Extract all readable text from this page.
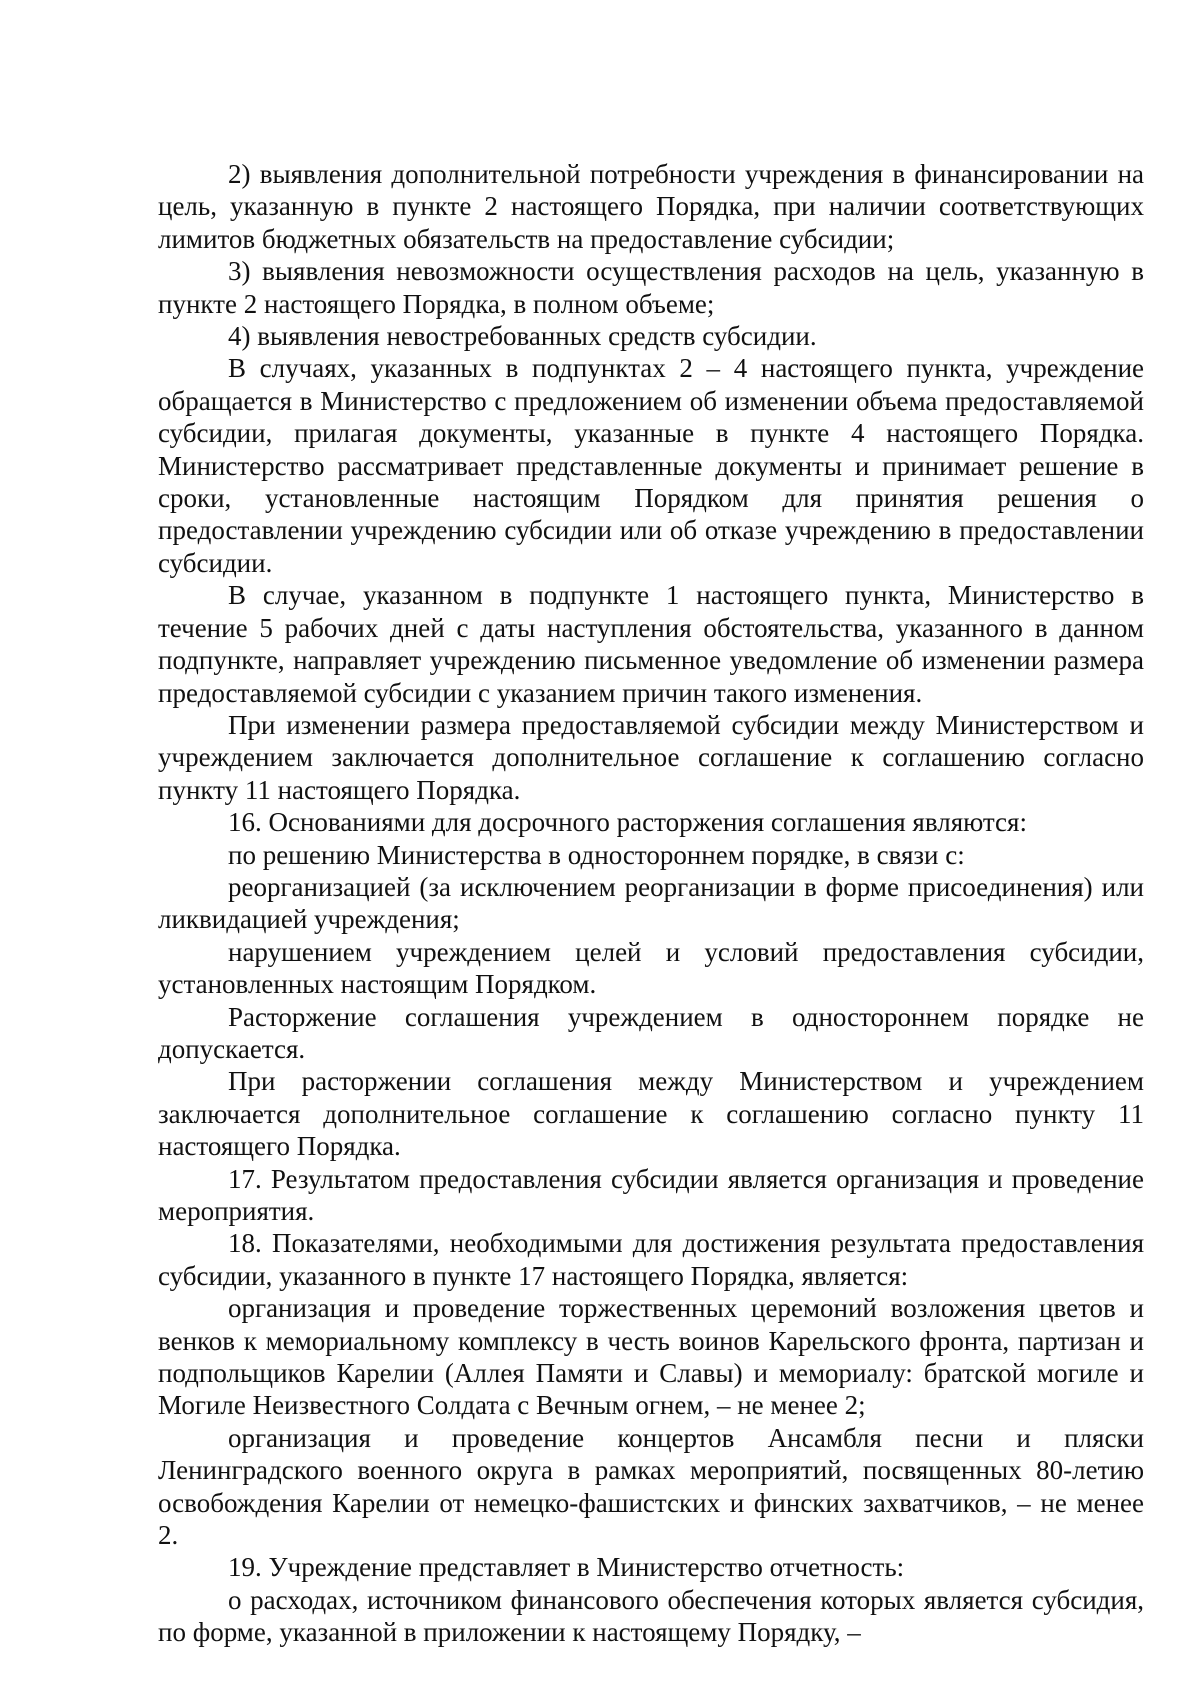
2) выявления дополнительной потребности учреждения в финансировании на цель, указанную в пункте 2 настоящего Порядка, при наличии соответствующих лимитов бюджетных обязательств на предоставление субсидии;

3) выявления невозможности осуществления расходов на цель, указанную в пункте 2 настоящего Порядка, в полном объеме;

4) выявления невостребованных средств субсидии.

В случаях, указанных в подпунктах 2 – 4 настоящего пункта, учреждение обращается в Министерство с предложением об изменении объема предоставляемой субсидии, прилагая документы, указанные в пункте 4 настоящего Порядка. Министерство рассматривает представленные документы и принимает решение в сроки, установленные настоящим Порядком для принятия решения о предоставлении учреждению субсидии или об отказе учреждению в предоставлении субсидии.

В случае, указанном в подпункте 1 настоящего пункта, Министерство в течение 5 рабочих дней с даты наступления обстоятельства, указанного в данном подпункте, направляет учреждению письменное уведомление об изменении размера предоставляемой субсидии с указанием причин такого изменения.

При изменении размера предоставляемой субсидии между Министерством и учреждением заключается дополнительное соглашение к соглашению согласно пункту 11 настоящего Порядка.

16. Основаниями для досрочного расторжения соглашения являются:

по решению Министерства в одностороннем порядке, в связи с:

реорганизацией (за исключением реорганизации в форме присоединения) или ликвидацией учреждения;

нарушением учреждением целей и условий предоставления субсидии, установленных настоящим Порядком.

Расторжение соглашения учреждением в одностороннем порядке не допускается.

При расторжении соглашения между Министерством и учреждением заключается дополнительное соглашение к соглашению согласно пункту 11 настоящего Порядка.

17. Результатом предоставления субсидии является организация и проведение мероприятия.

18. Показателями, необходимыми для достижения результата предоставления субсидии, указанного в пункте 17 настоящего Порядка, является:

организация и проведение торжественных церемоний возложения цветов и венков к мемориальному комплексу в честь воинов Карельского фронта, партизан и подпольщиков Карелии (Аллея Памяти и Славы) и мемориалу: братской могиле и Могиле Неизвестного Солдата с Вечным огнем, – не менее 2;

организация и проведение концертов Ансамбля песни и пляски Ленинградского военного округа в рамках мероприятий, посвященных 80-летию освобождения Карелии от немецко-фашистских и финских захватчиков, – не менее 2.

19. Учреждение представляет в Министерство отчетность:

о расходах, источником финансового обеспечения которых является субсидия, по форме, указанной в приложении к настоящему Порядку, –
